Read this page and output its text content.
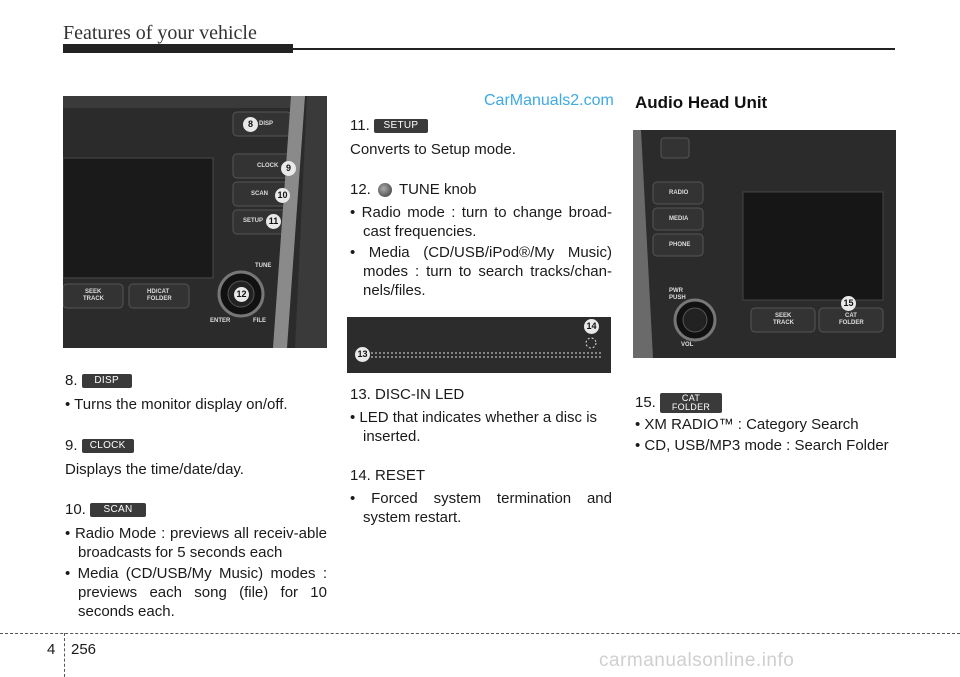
Features of your vehicle
CarManuals2.com
DISP
CLOCK
SCAN
SETUP
TUNE
ENTER	FILE
SEEK
TRACK
HD/CAT
FOLDER
8
9
10
11
12
8. DISP
• Turns the monitor display on/off.
9. CLOCK
Displays the time/date/day.
10. SCAN
• Radio Mode : previews all receiv-able broadcasts for 5 seconds each
• Media (CD/USB/My Music) modes : previews each song (file) for 10 seconds each.
11. SETUP
Converts to Setup mode.
12. TUNE knob
• Radio mode : turn to change broad-cast frequencies.
• Media (CD/USB/iPod®/My Music) modes : turn to search tracks/chan-nels/files.
13
14
13. DISC-IN LED
• LED that indicates whether a disc is inserted.
14. RESET
• Forced system termination and system restart.
Audio Head Unit
RADIO
MEDIA
PHONE
PWR
PUSH
VOL
SEEK
TRACK
CAT
FOLDER
15
15.	CAT
FOLDER
• XM RADIO™ : Category Search
• CD, USB/MP3 mode : Search Folder
4 256
carmanualsonline.info
